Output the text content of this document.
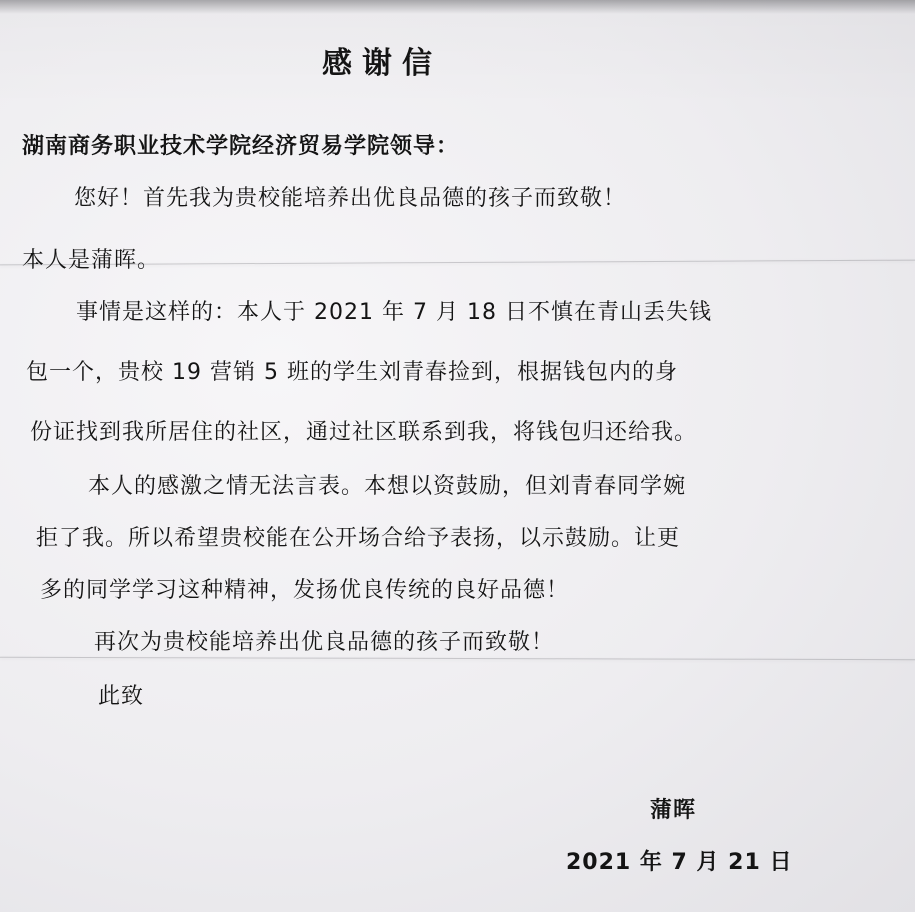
感谢信
湖南商务职业技术学院经济贸易学院领导：
您好！首先我为贵校能培养出优良品德的孩子而致敬！
本人是蒲晖。
事情是这样的：本人于 2021 年 7 月 18 日不慎在青山丢失钱
包一个，贵校 19 营销 5 班的学生刘青春捡到，根据钱包内的身
份证找到我所居住的社区，通过社区联系到我，将钱包归还给我。
本人的感激之情无法言表。本想以资鼓励，但刘青春同学婉
拒了我。所以希望贵校能在公开场合给予表扬，以示鼓励。让更
多的同学学习这种精神，发扬优良传统的良好品德！
再次为贵校能培养出优良品德的孩子而致敬！
此致
蒲晖
2021 年 7 月 21 日
